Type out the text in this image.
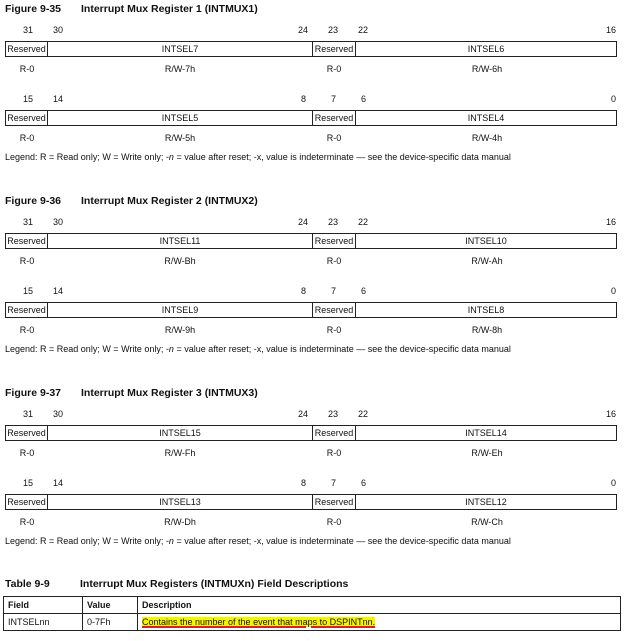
Figure 9-35 Interrupt Mux Register 1 (INTMUX1)
31 30	24 23 22	16
Reserved	INTSEL7	Reserved	INTSEL6
R-0	R/W-7h	R-0	R/W-6h
15 14	8	7	6	0
Reserved	INTSEL5	Reserved	INTSEL4
R-0	R/W-5h	R-0	R/W-4h
Legend: R = Read only; W = Write only; -n = value after reset; -x, value is indeterminate — see the device-specific data manual
Figure 9-36 Interrupt Mux Register 2 (INTMUX2)
31 30	24 23 22	16
Reserved	INTSEL11	Reserved	INTSEL10
R-0	R/W-Bh	R-0	R/W-Ah
15 14	8	7	6	0
Reserved	INTSEL9	Reserved	INTSEL8
R-0	R/W-9h	R-0	R/W-8h
Legend: R = Read only; W = Write only; -n = value after reset; -x, value is indeterminate — see the device-specific data manual
Figure 9-37 Interrupt Mux Register 3 (INTMUX3)
31 30	24 23 22	16
Reserved	INTSEL15	Reserved	INTSEL14
R-0	R/W-Fh	R-0	R/W-Eh
15 14	8	7	6	0
Reserved	INTSEL13	Reserved	INTSEL12
R-0	R/W-Dh	R-0	R/W-Ch
Legend: R = Read only; W = Write only; -n = value after reset; -x, value is indeterminate — see the device-specific data manual
Table 9-9	Interrupt Mux Registers (INTMUXn) Field Descriptions
Field	Value	Description
INTSELnn	0-7Fh	Contains the number of the event that maps to DSPINTnn.
